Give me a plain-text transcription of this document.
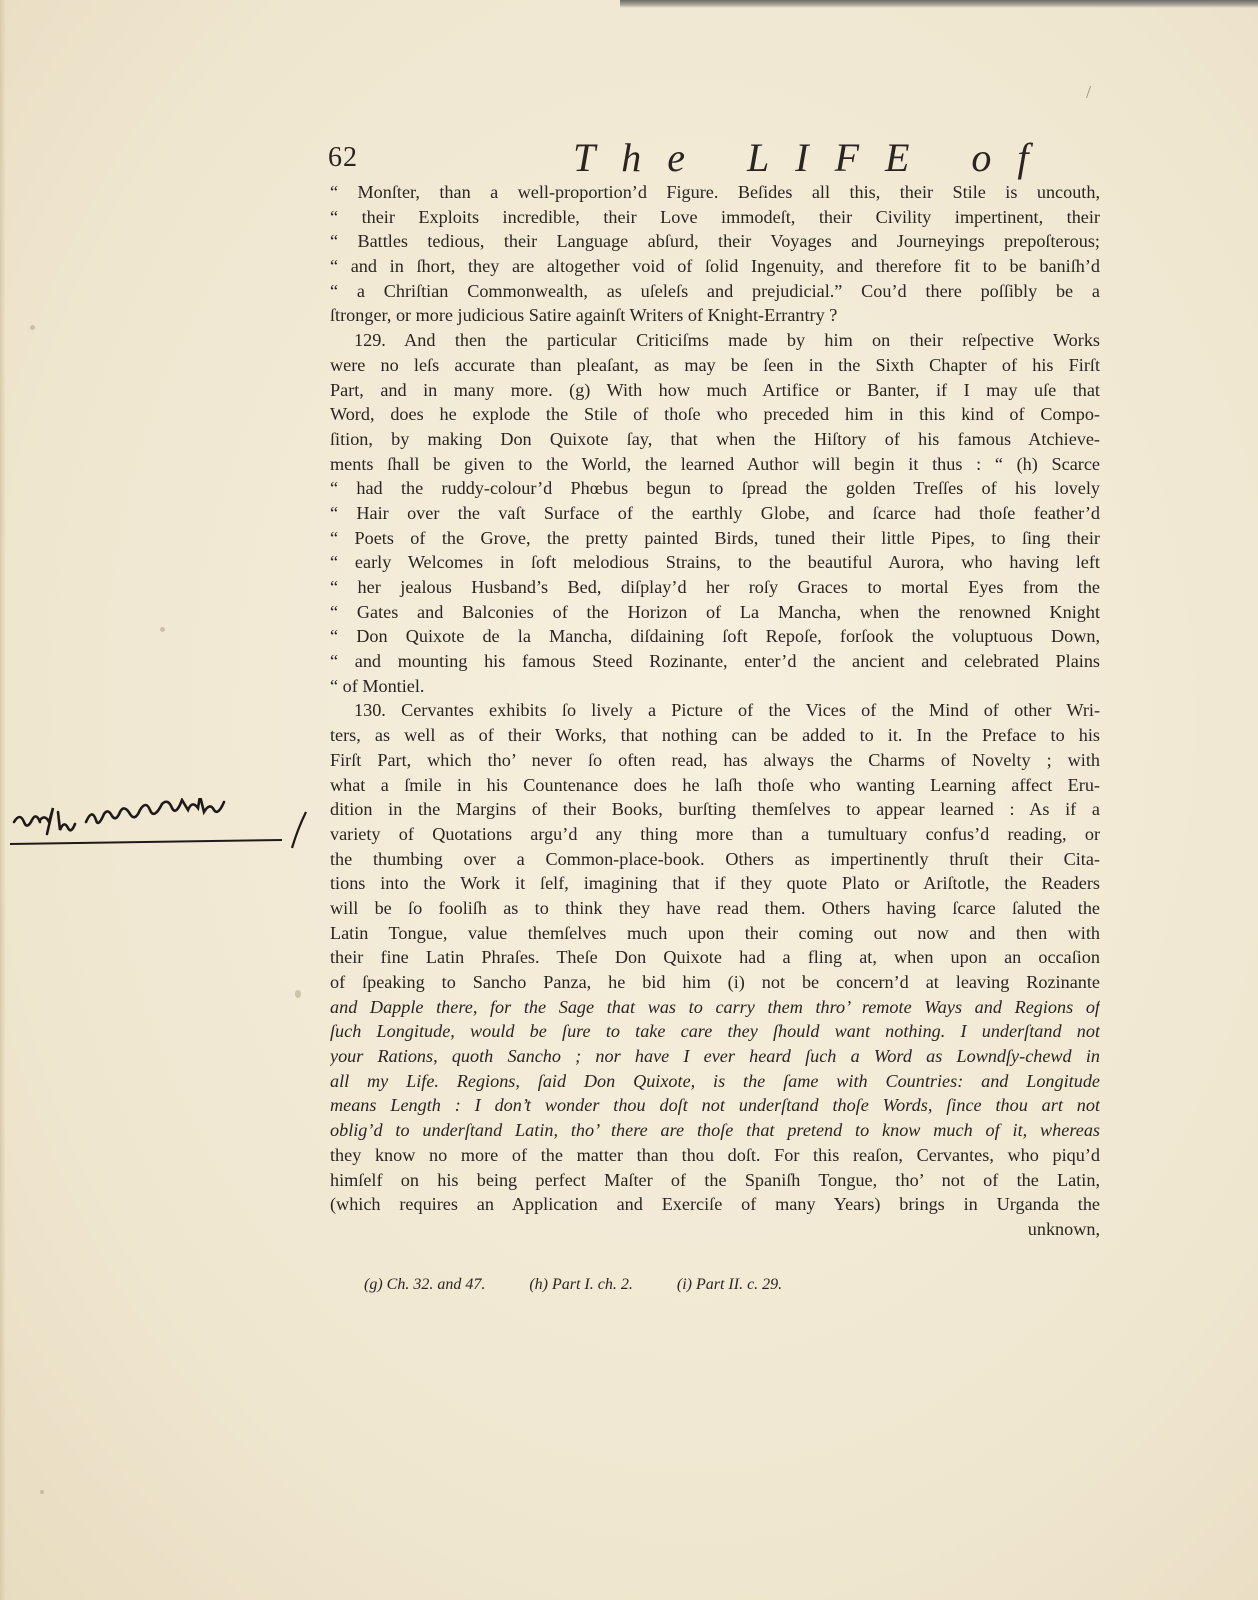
/
62	The LIFE of
“ Monſter, than a well-proportion’d Figure. Beſides all this, their Stile is uncouth,
“ their Exploits incredible, their Love immodeſt, their Civility impertinent, their
“ Battles tedious, their Language abſurd, their Voyages and Journeyings prepoſterous;
“ and in ſhort, they are altogether void of ſolid Ingenuity, and therefore fit to be baniſh’d
“ a Chriſtian Commonwealth, as uſeleſs and prejudicial.” Cou’d there poſſibly be a
ſtronger, or more judicious Satire againſt Writers of Knight-Errantry ?
129. And then the particular Criticiſms made by him on their reſpective Works
were no leſs accurate than pleaſant, as may be ſeen in the Sixth Chapter of his Firſt
Part, and in many more. (g) With how much Artifice or Banter, if I may uſe that
Word, does he explode the Stile of thoſe who preceded him in this kind of Compo-
ſition, by making Don Quixote ſay, that when the Hiſtory of his famous Atchieve-
ments ſhall be given to the World, the learned Author will begin it thus : “ (h) Scarce
“ had the ruddy-colour’d Phœbus begun to ſpread the golden Treſſes of his lovely
“ Hair over the vaſt Surface of the earthly Globe, and ſcarce had thoſe feather’d
“ Poets of the Grove, the pretty painted Birds, tuned their little Pipes, to ſing their
“ early Welcomes in ſoft melodious Strains, to the beautiful Aurora, who having left
“ her jealous Husband’s Bed, diſplay’d her roſy Graces to mortal Eyes from the
“ Gates and Balconies of the Horizon of La Mancha, when the renowned Knight
“ Don Quixote de la Mancha, diſdaining ſoft Repoſe, forſook the voluptuous Down,
“ and mounting his famous Steed Rozinante, enter’d the ancient and celebrated Plains
“ of Montiel.
130. Cervantes exhibits ſo lively a Picture of the Vices of the Mind of other Wri-
ters, as well as of their Works, that nothing can be added to it. In the Preface to his
Firſt Part, which tho’ never ſo often read, has always the Charms of Novelty ; with
what a ſmile in his Countenance does he laſh thoſe who wanting Learning affect Eru-
dition in the Margins of their Books, burſting themſelves to appear learned : As if a
variety of Quotations argu’d any thing more than a tumultuary confus’d reading, or
the thumbing over a Common-place-book. Others as impertinently thruſt their Cita-
tions into the Work it ſelf, imagining that if they quote Plato or Ariſtotle, the Readers
will be ſo fooliſh as to think they have read them. Others having ſcarce ſaluted the
Latin Tongue, value themſelves much upon their coming out now and then with
their fine Latin Phraſes. Theſe Don Quixote had a fling at, when upon an occaſion
of ſpeaking to Sancho Panza, he bid him (i) not be concern’d at leaving Rozinante
and Dapple there, for the Sage that was to carry them thro’ remote Ways and Regions of
ſuch Longitude, would be ſure to take care they ſhould want nothing. I underſtand not
your Rations, quoth Sancho ; nor have I ever heard ſuch a Word as Lowndſy-chewd in
all my Life. Regions, ſaid Don Quixote, is the ſame with Countries: and Longitude
means Length : I don’t wonder thou doſt not underſtand thoſe Words, ſince thou art not
oblig’d to underſtand Latin, tho’ there are thoſe that pretend to know much of it, whereas
they know no more of the matter than thou doſt. For this reaſon, Cervantes, who piqu’d
himſelf on his being perfect Maſter of the Spaniſh Tongue, tho’ not of the Latin,
(which requires an Application and Exerciſe of many Years) brings in Urganda the
unknown,
(g) Ch. 32. and 47.	(h) Part I. ch. 2.	(i) Part II. c. 29.
